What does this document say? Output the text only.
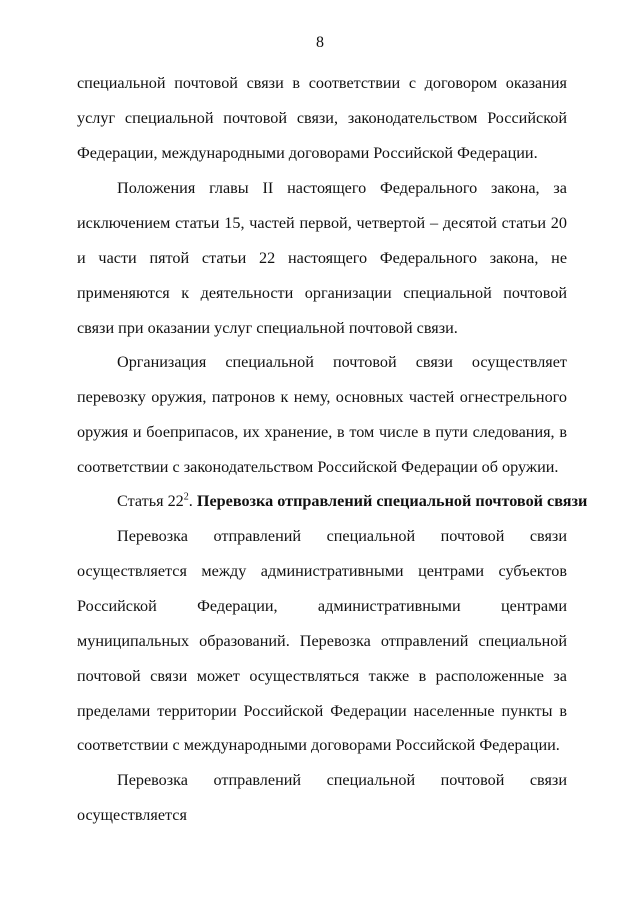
8

специальной почтовой связи в соответствии с договором оказания услуг специальной почтовой связи, законодательством Российской Федерации, международными договорами Российской Федерации.

Положения главы II настоящего Федерального закона, за исключением статьи 15, частей первой, четвертой – десятой статьи 20 и части пятой статьи 22 настоящего Федерального закона, не применяются к деятельности организации специальной почтовой связи при оказании услуг специальной почтовой связи.

Организация специальной почтовой связи осуществляет перевозку оружия, патронов к нему, основных частей огнестрельного оружия и боеприпасов, их хранение, в том числе в пути следования, в соответствии с законодательством Российской Федерации об оружии.

Статья $22^2$. Перевозка отправлений специальной почтовой связи

Перевозка отправлений специальной почтовой связи осуществляется между административными центрами субъектов Российской Федерации, административными центрами муниципальных образований. Перевозка отправлений специальной почтовой связи может осуществляться также в расположенные за пределами территории Российской Федерации населенные пункты в соответствии с международными договорами Российской Федерации.

Перевозка отправлений специальной почтовой связи осуществляется
